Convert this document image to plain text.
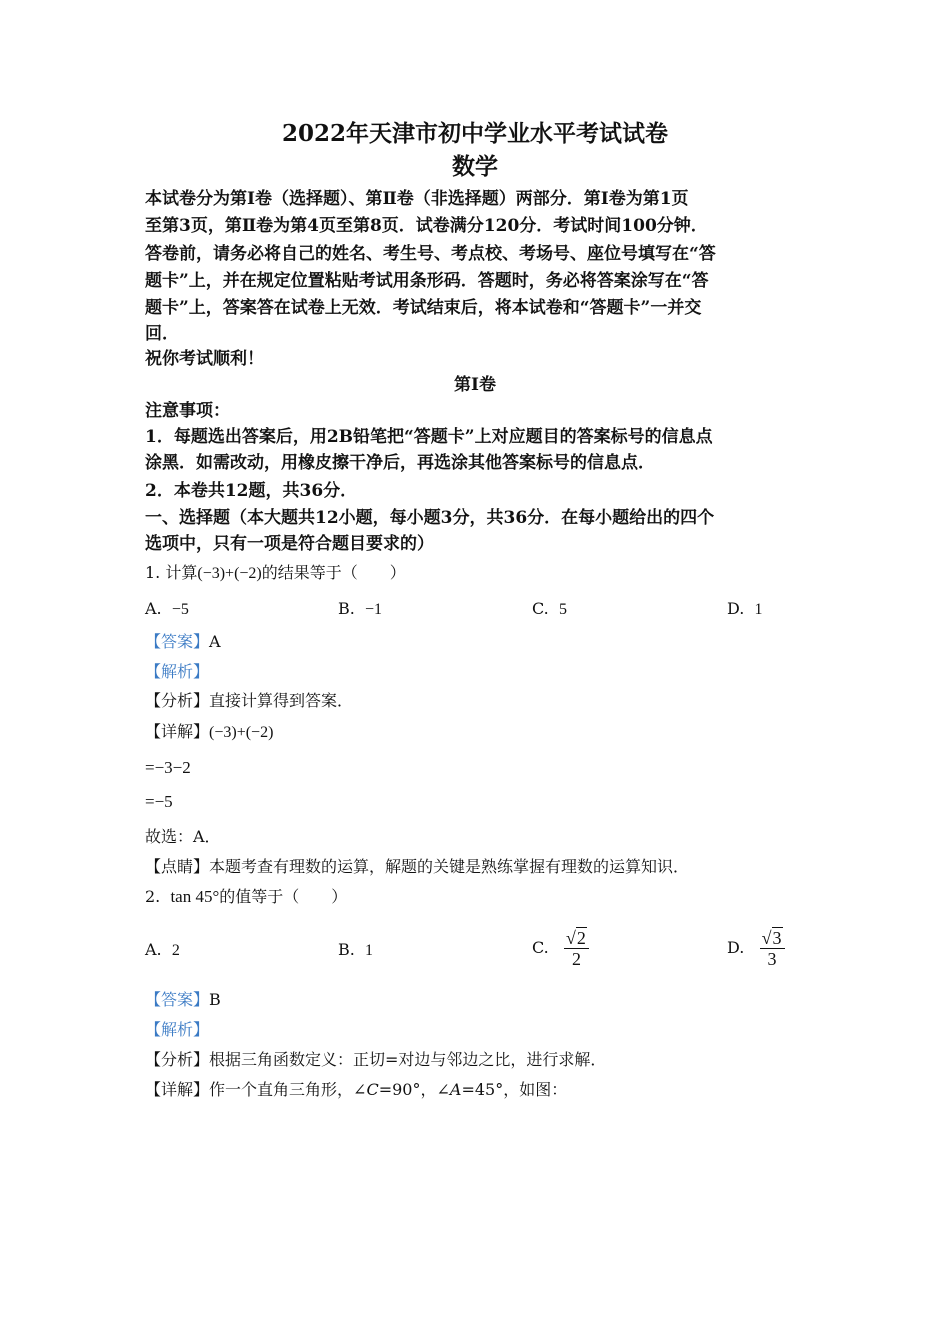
2022年天津市初中学业水平考试试卷
数学
本试卷分为第Ⅰ卷（选择题）、第Ⅱ卷（非选择题）两部分．第Ⅰ卷为第1页
至第3页，第Ⅱ卷为第4页至第8页．试卷满分120分．考试时间100分钟．
答卷前，请务必将自己的姓名、考生号、考点校、考场号、座位号填写在“答
题卡”上，并在规定位置粘贴考试用条形码．答题时，务必将答案涂写在“答
题卡”上，答案答在试卷上无效．考试结束后，将本试卷和“答题卡”一并交
回．
祝你考试顺利！
第Ⅰ卷
注意事项：
1．每题选出答案后，用2B铅笔把“答题卡”上对应题目的答案标号的信息点
涂黑．如需改动，用橡皮擦干净后，再选涂其他答案标号的信息点．
2．本卷共12题，共36分．
一、选择题（本大题共12小题，每小题3分，共36分．在每小题给出的四个
选项中，只有一项是符合题目要求的）
1. 计算(−3)+(−2)的结果等于（　　）
A. −5	B. −1	C. 5	D. 1
【答案】A
【解析】
【分析】直接计算得到答案．
【详解】(−3)+(−2)
=−3−2
=−5
故选：A．
【点睛】本题考查有理数的运算，解题的关键是熟练掌握有理数的运算知识．
2. tan 45°的值等于（　　）
A. 2	B. 1	C. $\frac{√2}{2}$	D. $\frac{√3}{3}$
【答案】B
【解析】
【分析】根据三角函数定义：正切=对边与邻边之比，进行求解．
【详解】作一个直角三角形，∠C=90°，∠A=45°，如图：
